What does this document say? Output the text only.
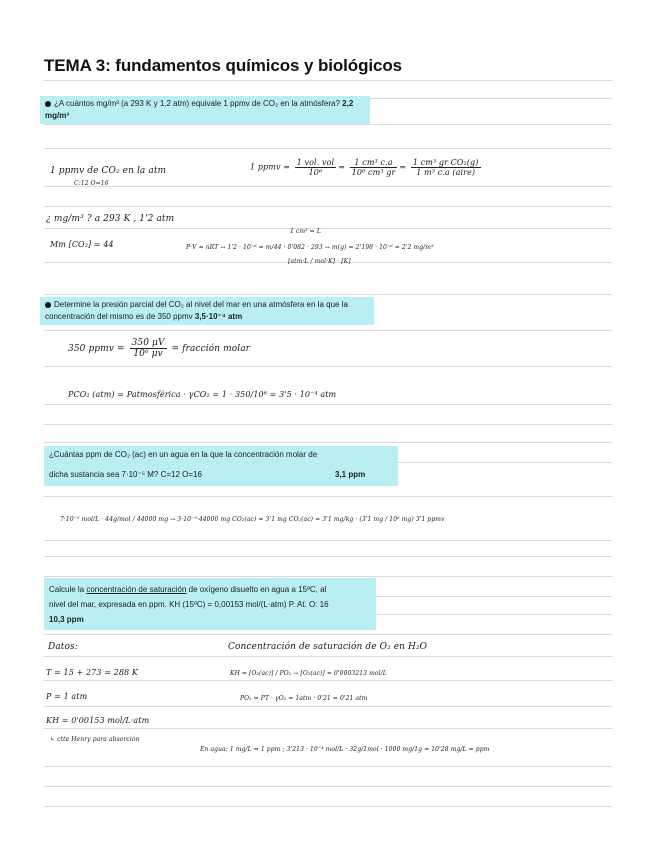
TEMA 3: fundamentos químicos y biológicos
¿A cuántos mg/m³ (a 293 K y 1,2 atm) equivale 1 ppmv de CO₂ en la atmósfera? 2,2 mg/m³
1 ppmv de CO₂ en la atm
C:12 O=16
1 ppmv = $\frac{\text{1 vol. vol}}{\text{10⁶}} = \frac{\text{1 cm³ c.a}}{\text{10⁶ cm³ gr}} = \frac{\text{1 cm³ gr CO₂(g)}}{\text{1 m³ c.a (aire)}}$
¿ mg/m³ ? a 293 K , 1'2 atm
1 cm³ = L
Mm [CO₂] = 44	P·V = nRT → 1'2 · 10⁻⁶ = m/44 · 0'082 · 293 → m(g) = 2'198 · 10⁻⁶ = 2'2 mg/m³
[atm·L / mol·K] · [K]
Determine la presión parcial del CO₂ al nivel del mar en una atmósfera en la que la concentración del mismo es de 350 ppmv 3,5·10⁻⁴ atm
350 ppmv = $\frac{350 \mu V}{\text{10⁶ μv}}$ = fracción molar
PCO₂ (atm) = Patmosférica · γCO₂ = 1 · 350/10⁶ = 3'5 · 10⁻⁴ atm
¿Cuántas ppm de CO₂ (ac) en un agua en la que la concentración molar de
dicha sustancia sea 7·10⁻⁵ M? C=12 O=16	3,1 ppm
7·10⁻⁵ mol/L · 44g/mol / 44000 mg → 3·10⁻⁵·44000 mg CO₂(ac) = 3'1 mg CO₂(ac) = 3'1 mg/kg · (3'1 mg / 10⁶ mg) 3'1 ppmv
Calcule la concentración de saturación de oxígeno disuelto en agua a 15ºC, al
nivel del mar, expresada en ppm. KH (15ºC) = 0,00153 mol/(L·atm) P. At. O: 16
10,3 ppm
Datos:	Concentración de saturación de O₂ en H₂O
T = 15 + 273 = 288 K	KH = [O₂(ac)] / PO₂ → [O₂(ac)] = 0'0003213 mol/L
P = 1 atm	PO₂ = PT · γO₂ = 1atm · 0'21 = 0'21 atm
KH = 0'00153 mol/L·atm
↳ ctte Henry para absorción
En agua: 1 mg/L = 1 ppm ; 3'213 · 10⁻⁴ mol/L · 32g/1mol · 1000 mg/1g = 10'28 mg/L = ppm
